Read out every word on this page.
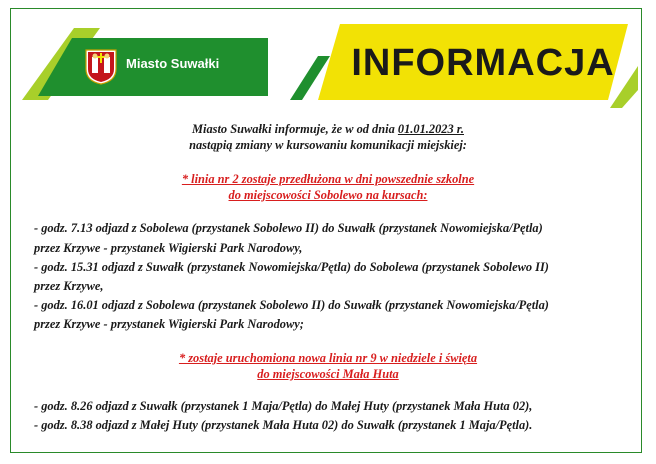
Miasto Suwałki	INFORMACJA
Miasto Suwałki informuje, że w od dnia 01.01.2023 r.
nastąpią zmiany w kursowaniu komunikacji miejskiej:
* linia nr 2 zostaje przedłużona w dni powszednie szkolne
do miejscowości Sobolewo na kursach:
- godz. 7.13 odjazd z Sobolewa (przystanek Sobolewo II) do Suwałk (przystanek Nowomiejska/Pętla)
przez Krzywe - przystanek Wigierski Park Narodowy,
- godz. 15.31 odjazd z Suwałk (przystanek Nowomiejska/Pętla) do Sobolewa (przystanek Sobolewo II)
przez Krzywe,
- godz. 16.01 odjazd z Sobolewa (przystanek Sobolewo II) do Suwałk (przystanek Nowomiejska/Pętla)
przez Krzywe - przystanek Wigierski Park Narodowy;
* zostaje uruchomiona nowa linia nr 9 w niedziele i święta
do miejscowości Mała Huta
- godz. 8.26 odjazd z Suwałk (przystanek 1 Maja/Pętla) do Małej Huty (przystanek Mała Huta 02),
- godz. 8.38 odjazd z Małej Huty (przystanek Mała Huta 02) do Suwałk (przystanek 1 Maja/Pętla).
